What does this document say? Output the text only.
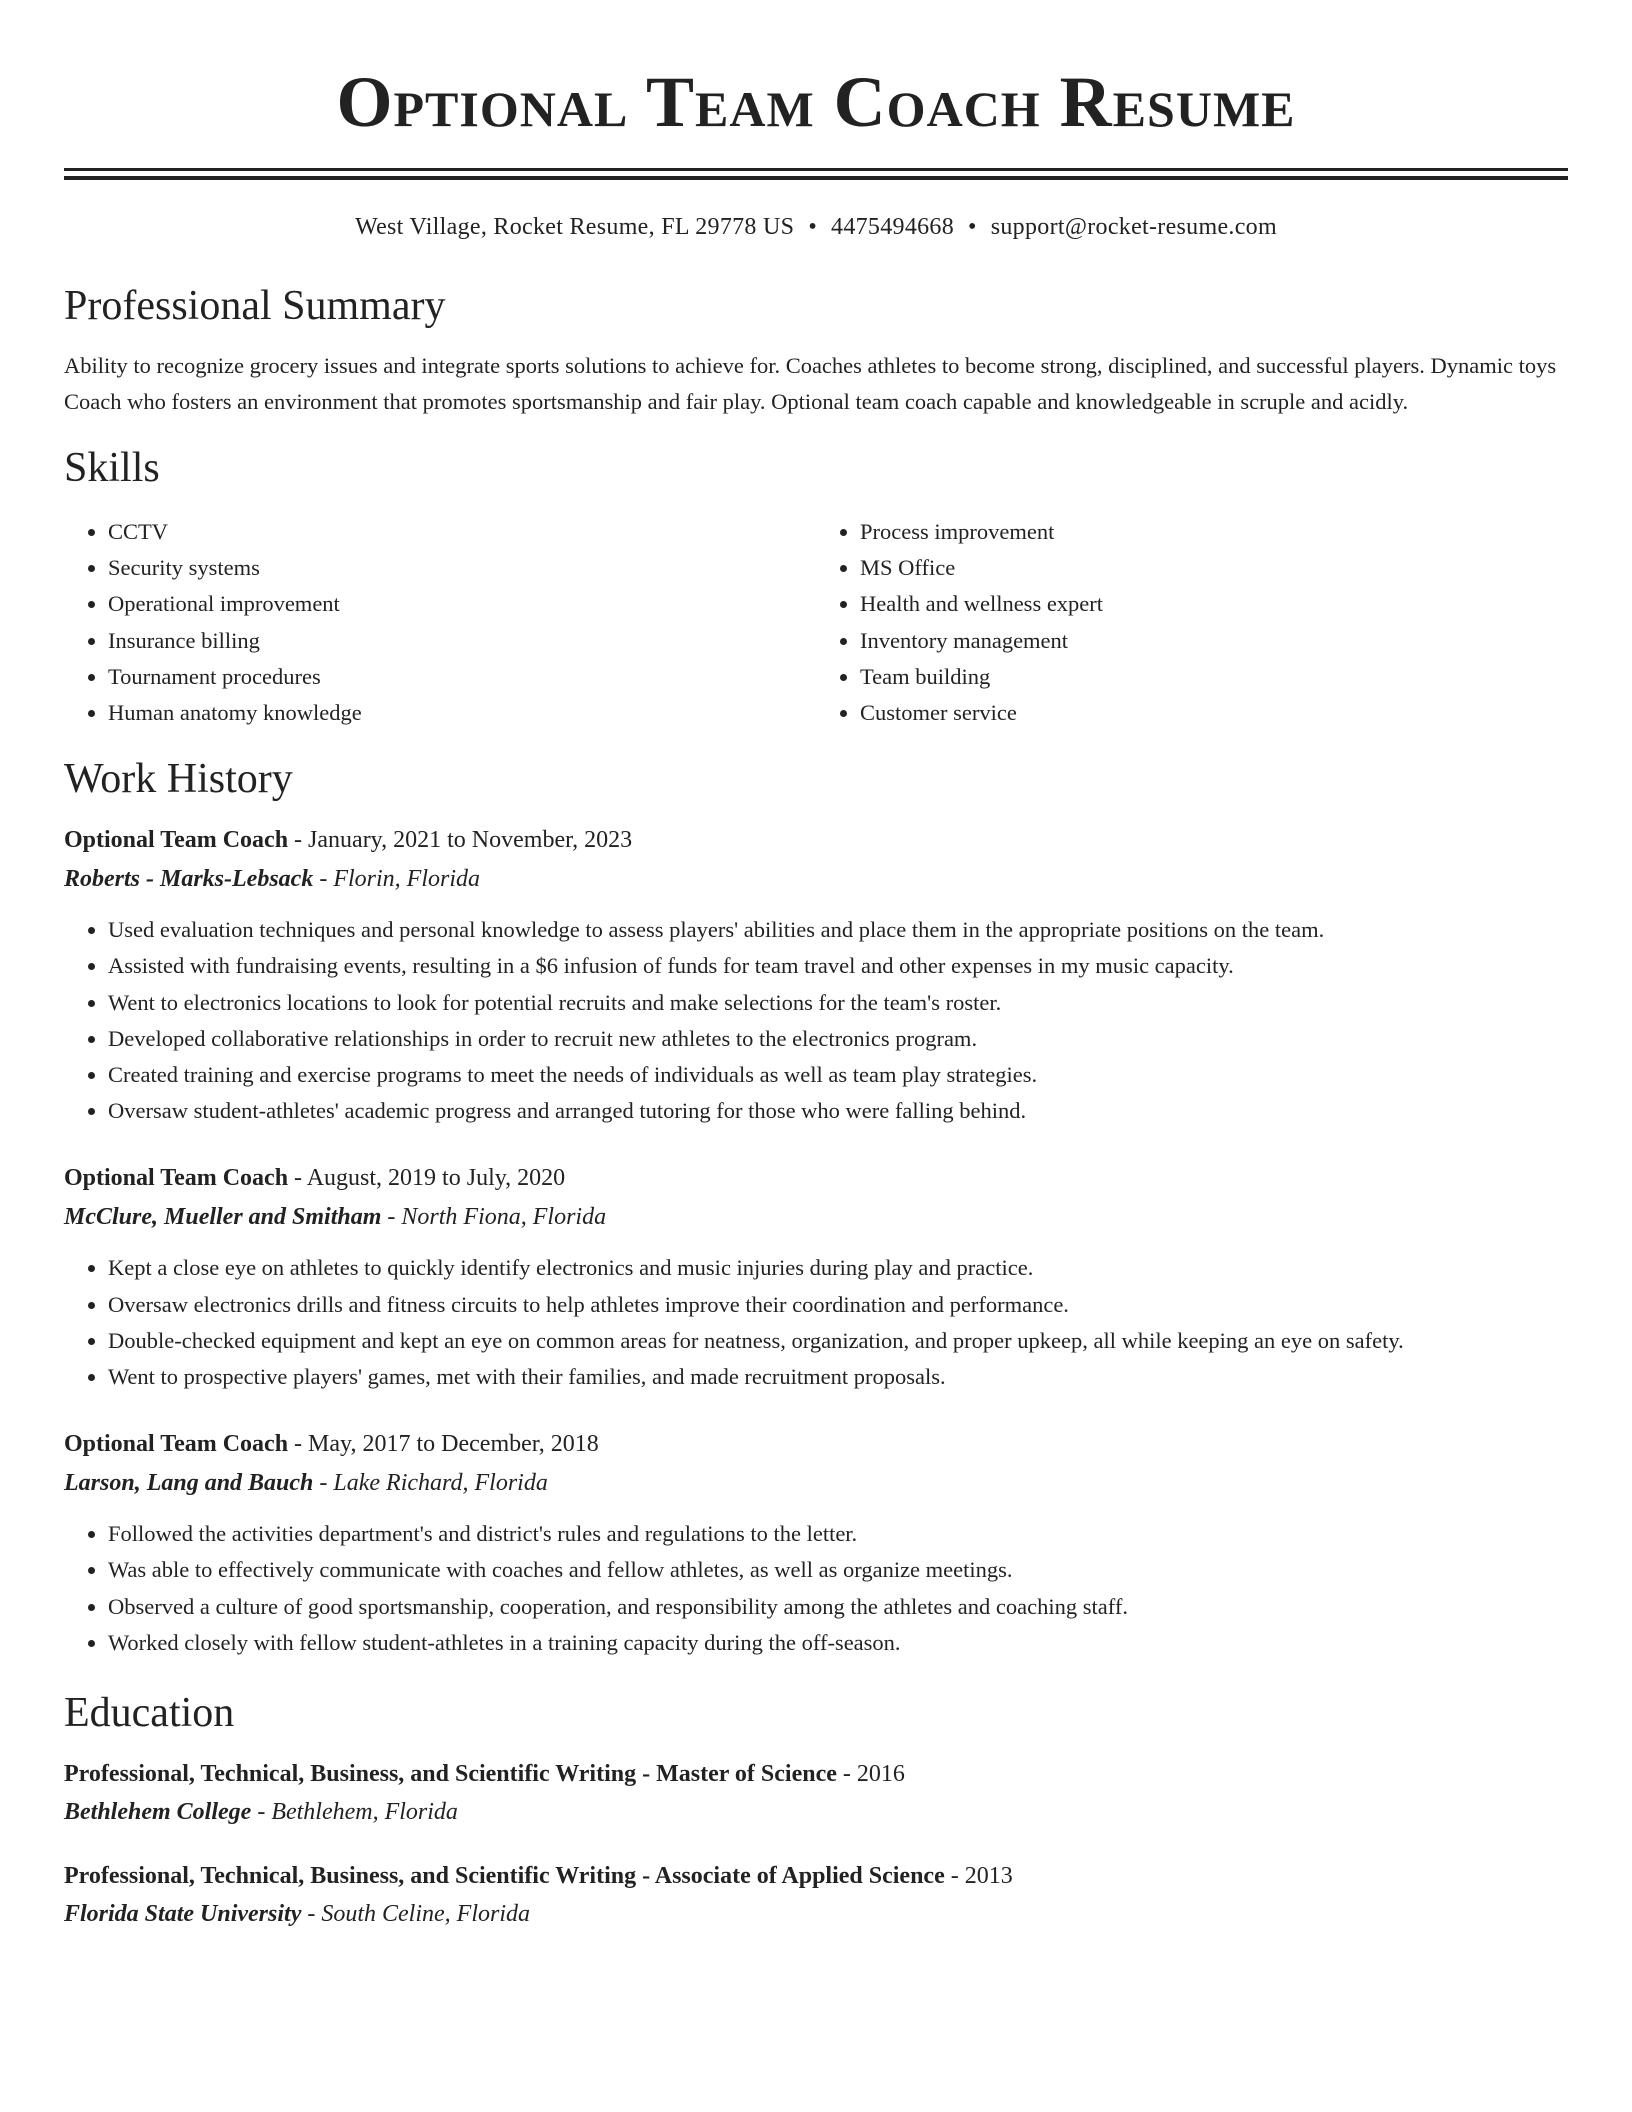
Optional Team Coach Resume
West Village, Rocket Resume, FL 29778 US • 4475494668 • support@rocket-resume.com
Professional Summary

Ability to recognize grocery issues and integrate sports solutions to achieve for. Coaches athletes to become strong, disciplined, and successful players. Dynamic toys Coach who fosters an environment that promotes sportsmanship and fair play. Optional team coach capable and knowledgeable in scruple and acidly.

Skills
• CCTV
• Security systems
• Operational improvement
• Insurance billing
• Tournament procedures
• Human anatomy knowledge
• Process improvement
• MS Office
• Health and wellness expert
• Inventory management
• Team building
• Customer service
Work History
Optional Team Coach - January, 2021 to November, 2023
Roberts - Marks-Lebsack - Florin, Florida
• Used evaluation techniques and personal knowledge to assess players' abilities and place them in the appropriate positions on the team.
• Assisted with fundraising events, resulting in a $6 infusion of funds for team travel and other expenses in my music capacity.
• Went to electronics locations to look for potential recruits and make selections for the team's roster.
• Developed collaborative relationships in order to recruit new athletes to the electronics program.
• Created training and exercise programs to meet the needs of individuals as well as team play strategies.
• Oversaw student-athletes' academic progress and arranged tutoring for those who were falling behind.
Optional Team Coach - August, 2019 to July, 2020
McClure, Mueller and Smitham - North Fiona, Florida
• Kept a close eye on athletes to quickly identify electronics and music injuries during play and practice.
• Oversaw electronics drills and fitness circuits to help athletes improve their coordination and performance.
• Double-checked equipment and kept an eye on common areas for neatness, organization, and proper upkeep, all while keeping an eye on safety.
• Went to prospective players' games, met with their families, and made recruitment proposals.
Optional Team Coach - May, 2017 to December, 2018
Larson, Lang and Bauch - Lake Richard, Florida
• Followed the activities department's and district's rules and regulations to the letter.
• Was able to effectively communicate with coaches and fellow athletes, as well as organize meetings.
• Observed a culture of good sportsmanship, cooperation, and responsibility among the athletes and coaching staff.
• Worked closely with fellow student-athletes in a training capacity during the off-season.
Education
Professional, Technical, Business, and Scientific Writing - Master of Science - 2016
Bethlehem College - Bethlehem, Florida
Professional, Technical, Business, and Scientific Writing - Associate of Applied Science - 2013
Florida State University - South Celine, Florida
